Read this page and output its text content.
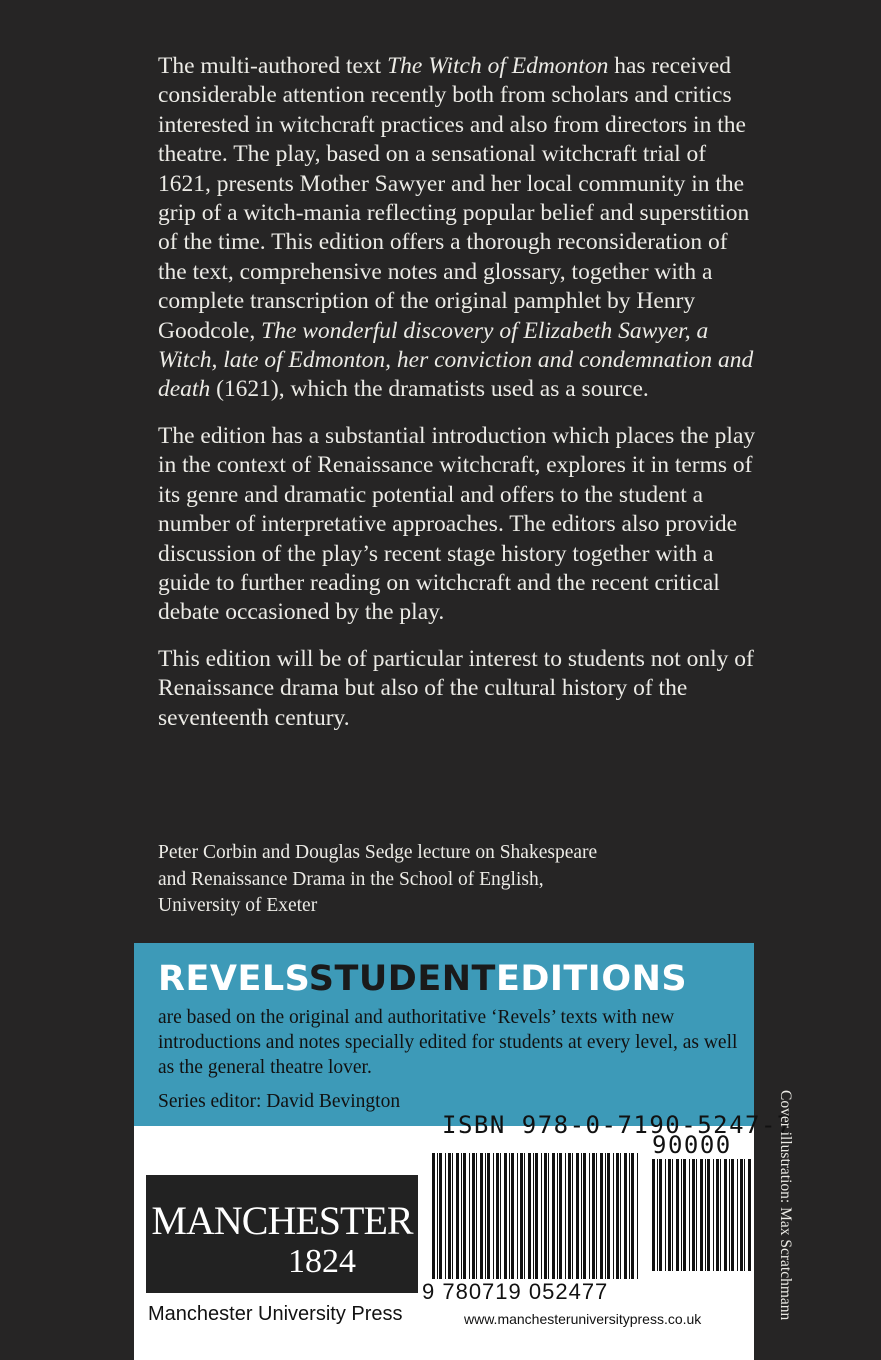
The multi-authored text The Witch of Edmonton has received considerable attention recently both from scholars and critics interested in witchcraft practices and also from directors in the theatre. The play, based on a sensational witchcraft trial of 1621, presents Mother Sawyer and her local community in the grip of a witch-mania reflecting popular belief and superstition of the time. This edition offers a thorough reconsideration of the text, comprehensive notes and glossary, together with a complete transcription of the original pamphlet by Henry Goodcole, The wonderful discovery of Elizabeth Sawyer, a Witch, late of Edmonton, her conviction and condemnation and death (1621), which the dramatists used as a source.

The edition has a substantial introduction which places the play in the context of Renaissance witchcraft, explores it in terms of its genre and dramatic potential and offers to the student a number of interpretative approaches. The editors also provide discussion of the play’s recent stage history together with a guide to further reading on witchcraft and the recent critical debate occasioned by the play.

This edition will be of particular interest to students not only of Renaissance drama but also of the cultural history of the seventeenth century.

Peter Corbin and Douglas Sedge lecture on Shakespeare
and Renaissance Drama in the School of English,
University of Exeter
REVELSSTUDENTEDITIONS
are based on the original and authoritative ‘Revels’ texts with new introductions and notes specially edited for students at every level, as well as the general theatre lover.
Series editor: David Bevington
MANCHESTER
1824
Manchester University Press
ISBN 978-0-7190-5247-7
90000
9 780719 052477
www.manchesteruniversitypress.co.uk	Cover illustration: Max Scratchmann
